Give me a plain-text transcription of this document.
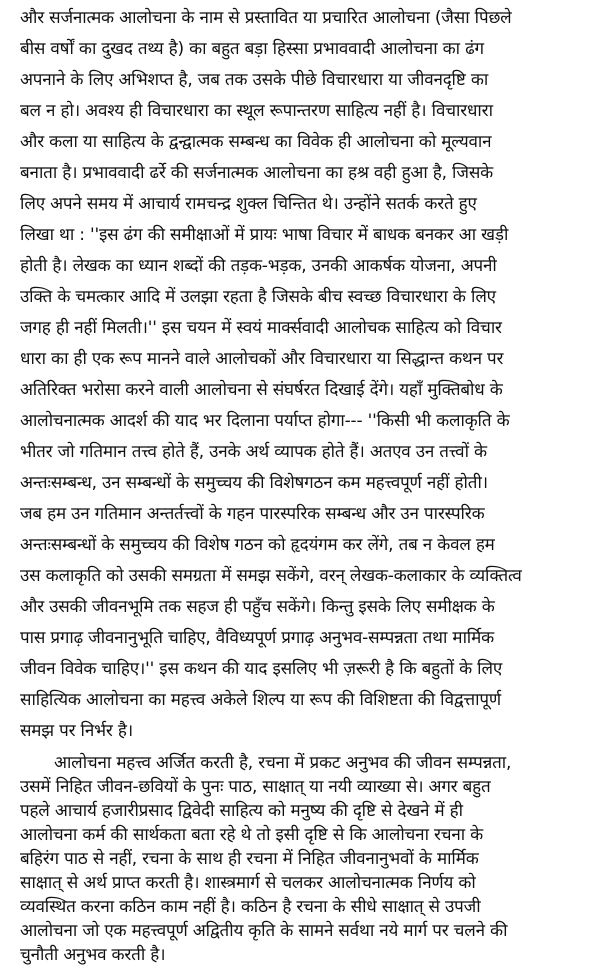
और सर्जनात्मक आलोचना के नाम से प्रस्तावित या प्रचारित आलोचना (जैसा पिछले
बीस वर्षों का दुखद तथ्य है) का बहुत बड़ा हिस्सा प्रभाववादी आलोचना का ढंग
अपनाने के लिए अभिशप्त है, जब तक उसके पीछे विचारधारा या जीवनदृष्टि का
बल न हो। अवश्य ही विचारधारा का स्थूल रूपान्तरण साहित्य नहीं है। विचारधारा
और कला या साहित्य के द्वन्द्वात्मक सम्बन्ध का विवेक ही आलोचना को मूल्यवान
बनाता है। प्रभाववादी ढर्रे की सर्जनात्मक आलोचना का हश्र वही हुआ है, जिसके
लिए अपने समय में आचार्य रामचन्द्र शुक्ल चिन्तित थे। उन्होंने सतर्क करते हुए
लिखा था : ''इस ढंग की समीक्षाओं में प्रायः भाषा विचार में बाधक बनकर आ खड़ी
होती है। लेखक का ध्यान शब्दों की तड़क-भड़क, उनकी आकर्षक योजना, अपनी
उक्ति के चमत्कार आदि में उलझा रहता है जिसके बीच स्वच्छ विचारधारा के लिए
जगह ही नहीं मिलती।'' इस चयन में स्वयं मार्क्सवादी आलोचक साहित्य को विचार
धारा का ही एक रूप मानने वाले आलोचकों और विचारधारा या सिद्धान्त कथन पर
अतिरिक्त भरोसा करने वाली आलोचना से संघर्षरत दिखाई देंगे। यहाँ मुक्तिबोध के
आलोचनात्मक आदर्श की याद भर दिलाना पर्याप्त होगा--- ''किसी भी कलाकृति के
भीतर जो गतिमान तत्त्व होते हैं, उनके अर्थ व्यापक होते हैं। अतएव उन तत्त्वों के
अन्तःसम्बन्ध, उन सम्बन्धों के समुच्चय की विशेषगठन कम महत्त्वपूर्ण नहीं होती।
जब हम उन गतिमान अन्तर्तत्त्वों के गहन पारस्परिक सम्बन्ध और उन पारस्परिक
अन्तःसम्बन्धों के समुच्चय की विशेष गठन को हृदयंगम कर लेंगे, तब न केवल हम
उस कलाकृति को उसकी समग्रता में समझ सकेंगे, वरन् लेखक-कलाकार के व्यक्तित्व
और उसकी जीवनभूमि तक सहज ही पहुँच सकेंगे। किन्तु इसके लिए समीक्षक के
पास प्रगाढ़ जीवनानुभूति चाहिए, वैविध्यपूर्ण प्रगाढ़ अनुभव-सम्पन्नता तथा मार्मिक
जीवन विवेक चाहिए।'' इस कथन की याद इसलिए भी ज़रूरी है कि बहुतों के लिए
साहित्यिक आलोचना का महत्त्व अकेले शिल्प या रूप की विशिष्टता की विद्वत्तापूर्ण
समझ पर निर्भर है।
आलोचना महत्त्व अर्जित करती है, रचना में प्रकट अनुभव की जीवन सम्पन्नता,
उसमें निहित जीवन-छवियों के पुनः पाठ, साक्षात् या नयी व्याख्या से। अगर बहुत
पहले आचार्य हजारीप्रसाद द्विवेदी साहित्य को मनुष्य की दृष्टि से देखने में ही
आलोचना कर्म की सार्थकता बता रहे थे तो इसी दृष्टि से कि आलोचना रचना के
बहिरंग पाठ से नहीं, रचना के साथ ही रचना में निहित जीवनानुभवों के मार्मिक
साक्षात् से अर्थ प्राप्त करती है। शास्त्रमार्ग से चलकर आलोचनात्मक निर्णय को
व्यवस्थित करना कठिन काम नहीं है। कठिन है रचना के सीधे साक्षात् से उपजी
आलोचना जो एक महत्त्वपूर्ण अद्वितीय कृति के सामने सर्वथा नये मार्ग पर चलने की
चुनौती अनुभव करती है।
